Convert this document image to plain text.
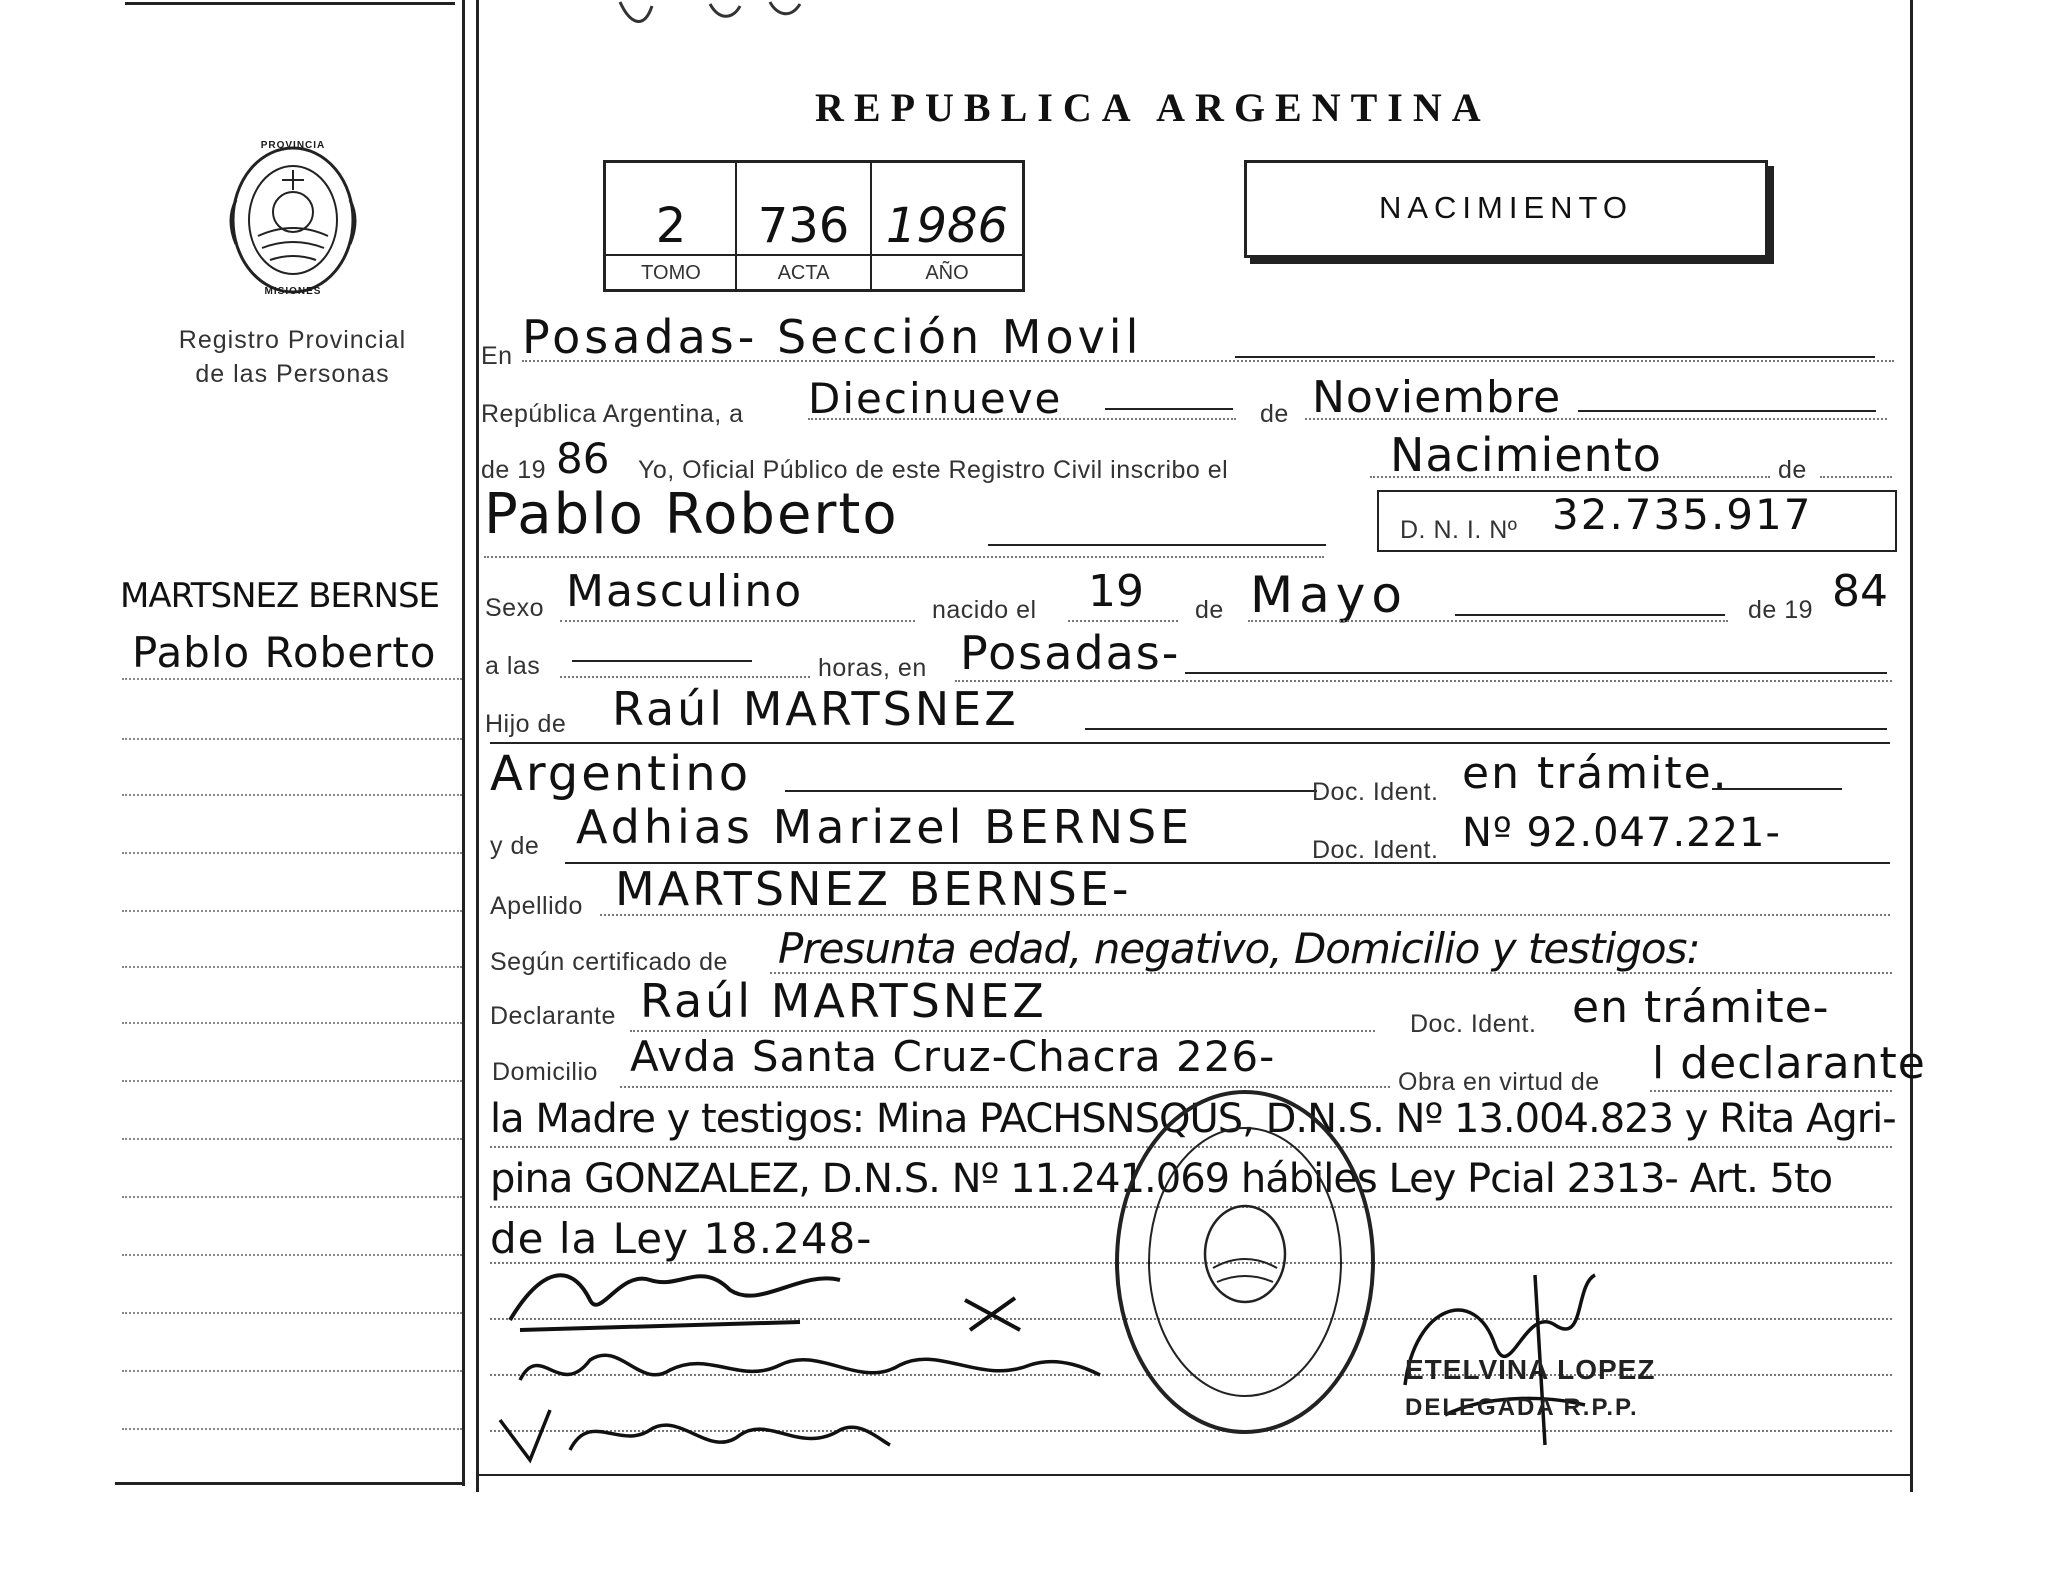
PROVINCIA
MISIONES
Registro Provincial
de las Personas
REPUBLICA ARGENTINA
2	736 1986
TOMO	ACTA	AÑO
NACIMIENTO
En Posadas- Sección Movil
República Argentina, a Diecinueve	de Noviembre
de 19 86 Yo, Oficial Público de este Registro Civil inscribo el	Nacimiento	de
Pablo Roberto	D. N. I. Nº 32.735.917
Sexo Masculino	nacido el 19 de Mayo	de 19 84
a las	horas, en Posadas-
Hijo de Raúl MARTSNEZ
Argentino	Doc. Ident. en trámite.
y de Adhias Marizel BERNSE	Doc. Ident. Nº 92.047.221-
Apellido MARTSNEZ BERNSE-
Según certificado de Presunta edad, negativo, Domicilio y testigos:
Declarante Raúl MARTSNEZ	Doc. Ident. en trámite-
Domicilio Avda Santa Cruz-Chacra 226-
Obra en virtud de l declarante
la Madre y testigos: Mina PACHSNSQUS, D.N.S. Nº 13.004.823 y Rita Agri-
pina GONZALEZ, D.N.S. Nº 11.241.069 hábiles Ley Pcial 2313- Art. 5to
de la Ley 18.248-
ETELVINA LOPEZ
DELEGADA R.P.P.
MARTSNEZ BERNSE
Pablo Roberto
